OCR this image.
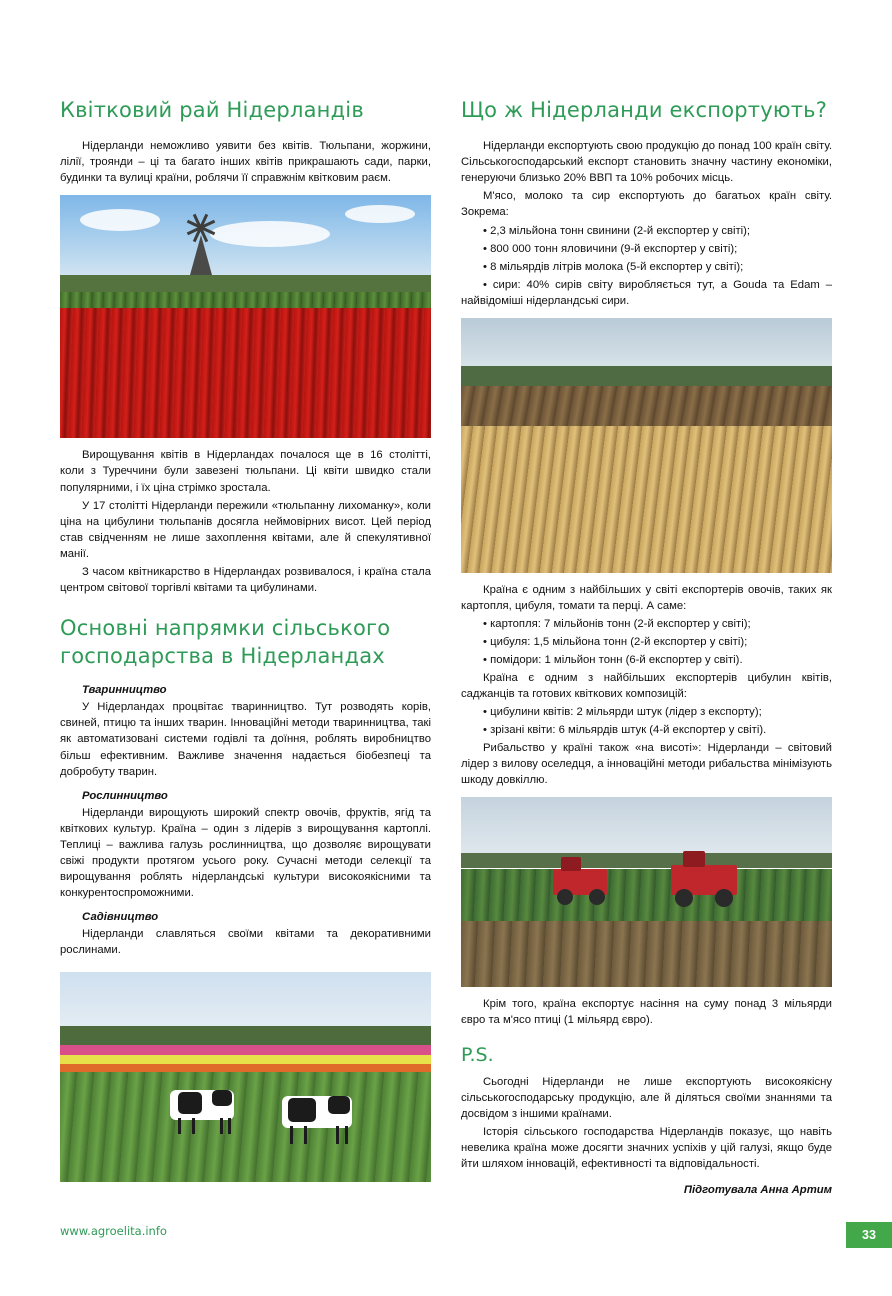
Квітковий рай Нідерландів

Нідерланди неможливо уявити без квітів. Тюльпани, жоржини, лілії, троянди – ці та багато інших квітів прикрашають сади, парки, будинки та вулиці країни, роблячи її справжнім квітковим раєм.

Вирощування квітів в Нідерландах почалося ще в 16 столітті, коли з Туреччини були завезені тюльпани. Ці квіти швидко стали популярними, і їх ціна стрімко зростала.

У 17 столітті Нідерланди пережили «тюльпанну лихоманку», коли ціна на цибулини тюльпанів досягла неймовірних висот. Цей період став свідченням не лише захоплення квітами, але й спекулятивної манії.

З часом квітникарство в Нідерландах розвивалося, і країна стала центром світової торгівлі квітами та цибулинами.

Основні напрямки сільського господарства в Нідерландах
Тваринництво

У Нідерландах процвітає тваринництво. Тут розводять корів, свиней, птицю та інших тварин. Інноваційні методи тваринництва, такі як автоматизовані системи годівлі та доїння, роблять виробництво більш ефективним. Важливе значення надається біобезпеці та добробуту тварин.

Рослинництво

Нідерланди вирощують широкий спектр овочів, фруктів, ягід та квіткових культур. Країна – один з лідерів з вирощування картоплі. Теплиці – важлива галузь рослинництва, що дозволяє вирощувати свіжі продукти протягом усього року. Сучасні методи селекції та вирощування роблять нідерландські культури високоякісними та конкурентоспроможними.

Садівництво

Нідерланди славляться своїми квітами та декоративними рослинами.

Що ж Нідерланди експортують?

Нідерланди експортують свою продукцію до понад 100 країн світу. Сільськогосподарський експорт становить значну частину економіки, генеруючи близько 20% ВВП та 10% робочих місць.

М'ясо, молоко та сир експортують до багатьох країн світу. Зокрема:

• 2,3 мільйона тонн свинини (2-й експортер у світі);

• 800 000 тонн яловичини (9-й експортер у світі);

• 8 мільярдів літрів молока (5-й експортер у світі);

• сири: 40% сирів світу виробляється тут, а Gouda та Edam – найвідоміші нідерландські сири.

Країна є одним з найбільших у світі експортерів овочів, таких як картопля, цибуля, томати та перці. А саме:

• картопля: 7 мільйонів тонн (2-й експортер у світі);

• цибуля: 1,5 мільйона тонн (2-й експортер у світі);

• помідори: 1 мільйон тонн (6-й експортер у світі).

Країна є одним з найбільших експортерів цибулин квітів, саджанців та готових квіткових композицій:

• цибулини квітів: 2 мільярди штук (лідер з експорту);

• зрізані квіти: 6 мільярдів штук (4-й експортер у світі).

Рибальство у країні також «на висоті»: Нідерланди – світовий лідер з вилову оселедця, а інноваційні методи рибальства мінімізують шкоду довкіллю.

Крім того, країна експортує насіння на суму понад 3 мільярди євро та м'ясо птиці (1 мільярд євро).

P.S.

Сьогодні Нідерланди не лише експортують високоякісну сільськогосподарську продукцію, але й діляться своїми знаннями та досвідом з іншими країнами.

Історія сільського господарства Нідерландів показує, що навіть невелика країна може досягти значних успіхів у цій галузі, якщо буде йти шляхом інновацій, ефективності та відповідальності.

Підготувала Анна Артим

www.agroelita.info	33
